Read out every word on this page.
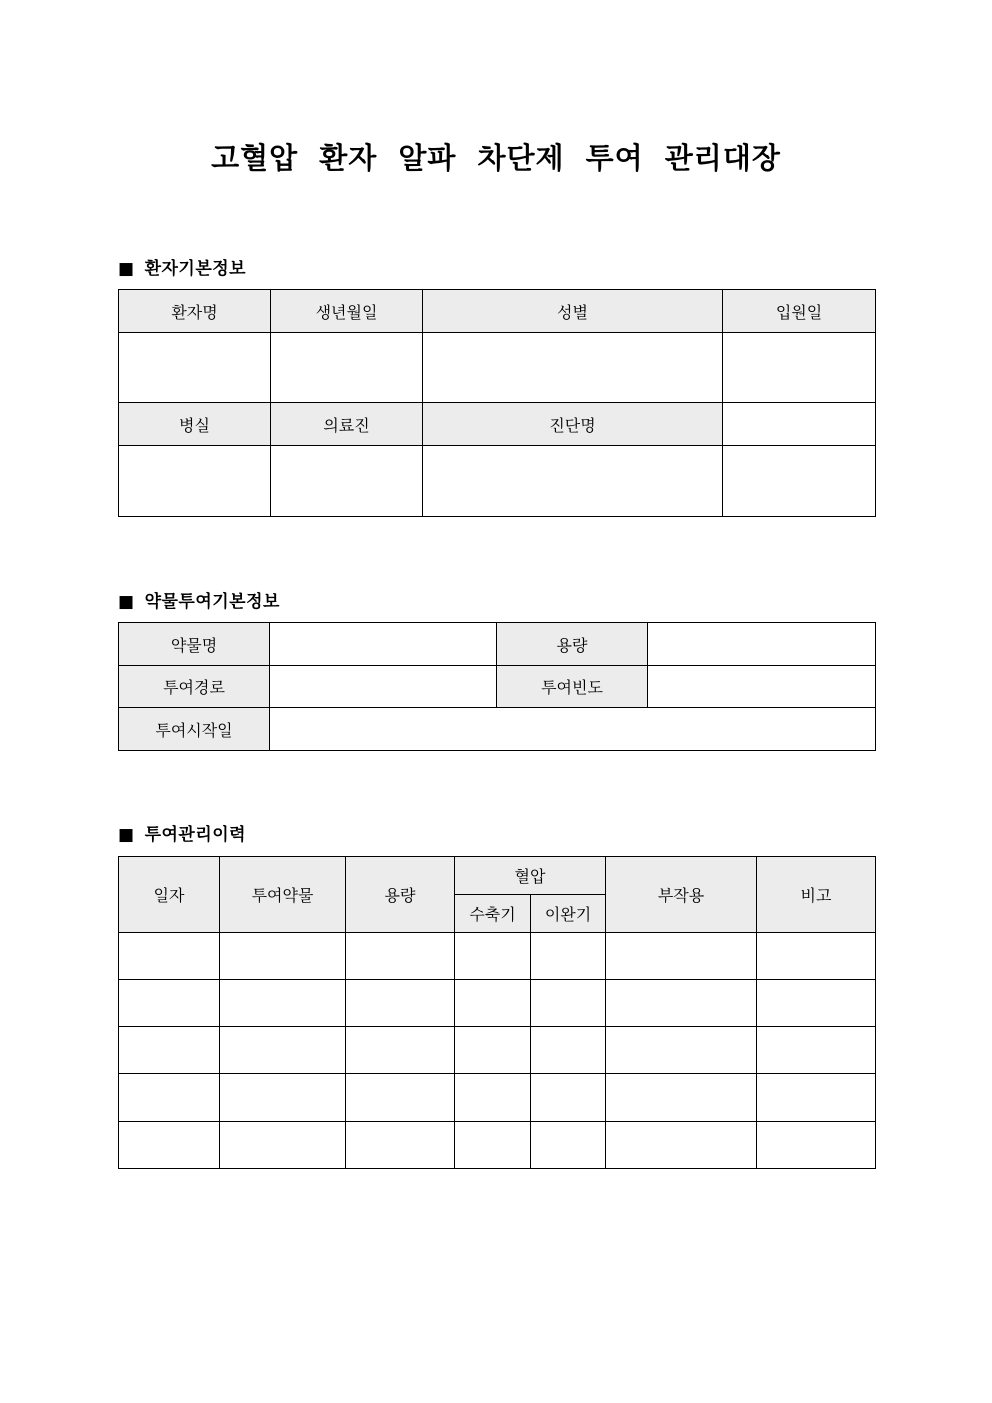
고혈압 환자 알파 차단제 투여 관리대장
■ 환자기본정보
환자명	생년월일	성별	입원일

병실	의료진	진단명	

■ 약물투여기본정보
약물명		용량	
투여경로		투여빈도	
투여시작일			
■ 투여관리이력
일자	투여약물	용량	혈압		부작용	비고
			수축기	이완기		
